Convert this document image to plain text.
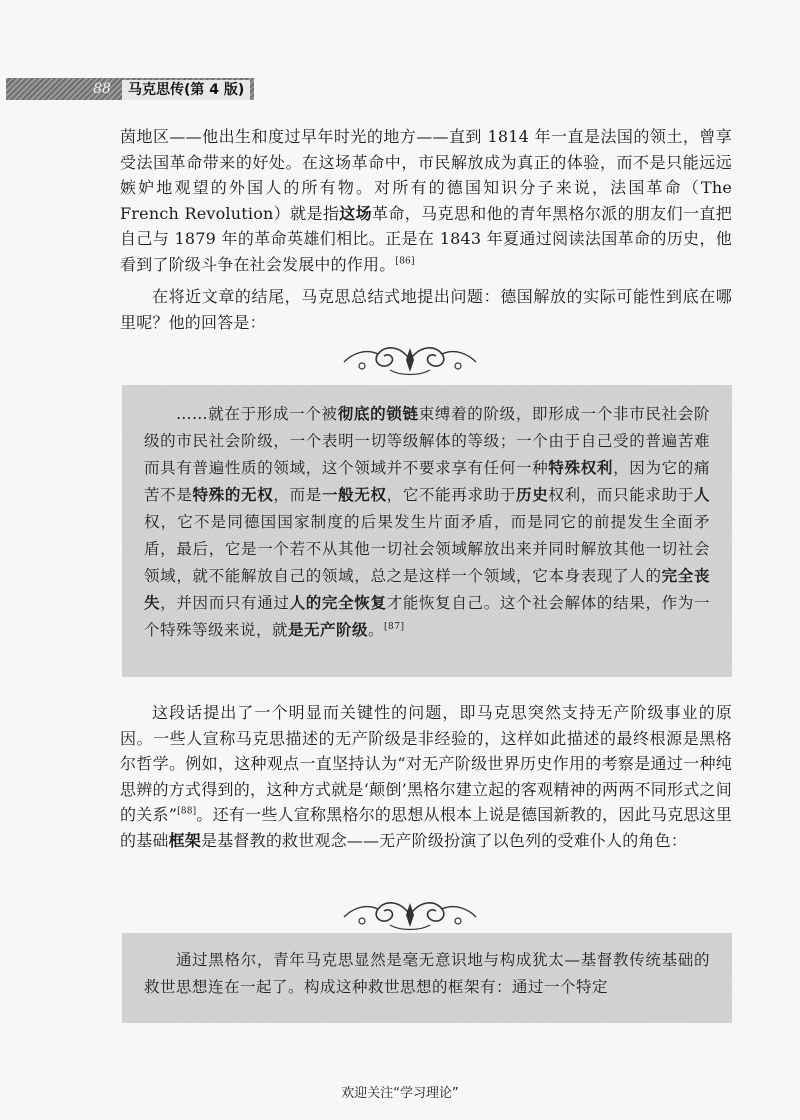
88	马克思传(第 4 版)

茵地区——他出生和度过早年时光的地方——直到 1814 年一直是法国的领土，曾享受法国革命带来的好处。在这场革命中，市民解放成为真正的体验，而不是只能远远嫉妒地观望的外国人的所有物。对所有的德国知识分子来说，法国革命（The French Revolution）就是指这场革命，马克思和他的青年黑格尔派的朋友们一直把自己与 1879 年的革命英雄们相比。正是在 1843 年夏通过阅读法国革命的历史，他看到了阶级斗争在社会发展中的作用。[86]

在将近文章的结尾，马克思总结式地提出问题：德国解放的实际可能性到底在哪里呢？他的回答是：

……就在于形成一个被彻底的锁链束缚着的阶级，即形成一个非市民社会阶级的市民社会阶级，一个表明一切等级解体的等级；一个由于自己受的普遍苦难而具有普遍性质的领域，这个领域并不要求享有任何一种特殊权利，因为它的痛苦不是特殊的无权，而是一般无权，它不能再求助于历史权利，而只能求助于人权，它不是同德国国家制度的后果发生片面矛盾，而是同它的前提发生全面矛盾，最后，它是一个若不从其他一切社会领域解放出来并同时解放其他一切社会领域，就不能解放自己的领域，总之是这样一个领域，它本身表现了人的完全丧失，并因而只有通过人的完全恢复才能恢复自己。这个社会解体的结果，作为一个特殊等级来说，就是无产阶级。[87]

这段话提出了一个明显而关键性的问题，即马克思突然支持无产阶级事业的原因。一些人宣称马克思描述的无产阶级是非经验的，这样如此描述的最终根源是黑格尔哲学。例如，这种观点一直坚持认为“对无产阶级世界历史作用的考察是通过一种纯思辨的方式得到的，这种方式就是‘颠倒’黑格尔建立起的客观精神的两两不同形式之间的关系”[88]。还有一些人宣称黑格尔的思想从根本上说是德国新教的，因此马克思这里的基础框架是基督教的救世观念——无产阶级扮演了以色列的受难仆人的角色：

通过黑格尔，青年马克思显然是毫无意识地与构成犹太—基督教传统基础的救世思想连在一起了。构成这种救世思想的框架有：通过一个特定

欢迎关注“学习理论”
